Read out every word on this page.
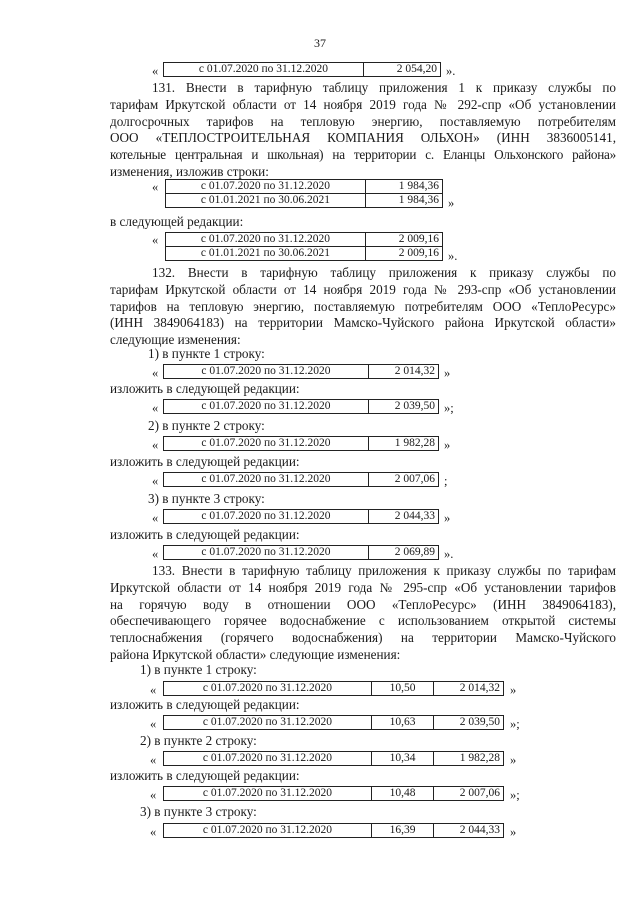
37
«	с 01.07.2020 по 31.12.2020	2 054,20 ».
131. Внести в тарифную таблицу приложения 1 к приказу службы по
тарифам Иркутской области от 14 ноября 2019 года № 292-спр «Об установлении
долгосрочных тарифов на тепловую энергию, поставляемую потребителям
ООО «ТЕПЛОСТРОИТЕЛЬНАЯ КОМПАНИЯ ОЛЬХОН» (ИНН 3836005141,
котельные центральная и школьная) на территории с. Еланцы Ольхонского района»
изменения, изложив строки:
«	с 01.07.2020 по 31.12.2020	1 984,36
с 01.01.2021 по 30.06.2021	1 984,36 »
в следующей редакции:
«	с 01.07.2020 по 31.12.2020	2 009,16
с 01.01.2021 по 30.06.2021	2 009,16 ».
132. Внести в тарифную таблицу приложения к приказу службы по
тарифам Иркутской области от 14 ноября 2019 года № 293-спр «Об установлении
тарифов на тепловую энергию, поставляемую потребителям ООО «ТеплоРесурс»
(ИНН 3849064183) на территории Мамско-Чуйского района Иркутской области»
следующие изменения:
1) в пункте 1 строку:
«	с 01.07.2020 по 31.12.2020	2 014,32 »
изложить в следующей редакции:
«	с 01.07.2020 по 31.12.2020	2 039,50 »;
2) в пункте 2 строку:
«	с 01.07.2020 по 31.12.2020	1 982,28 »
изложить в следующей редакции:
«	с 01.07.2020 по 31.12.2020	2 007,06 ;
3) в пункте 3 строку:
«	с 01.07.2020 по 31.12.2020	2 044,33 »
изложить в следующей редакции:
«	с 01.07.2020 по 31.12.2020	2 069,89 ».
133. Внести в тарифную таблицу приложения к приказу службы по тарифам
Иркутской области от 14 ноября 2019 года № 295-спр «Об установлении тарифов
на горячую воду в отношении ООО «ТеплоРесурс» (ИНН 3849064183),
обеспечивающего горячее водоснабжение с использованием открытой системы
теплоснабжения (горячего водоснабжения) на территории Мамско-Чуйского
района Иркутской области» следующие изменения:
1) в пункте 1 строку:
«	с 01.07.2020 по 31.12.2020	10,50	2 014,32 »
изложить в следующей редакции:
«	с 01.07.2020 по 31.12.2020	10,63	2 039,50 »;
2) в пункте 2 строку:
«	с 01.07.2020 по 31.12.2020	10,34	1 982,28 »
изложить в следующей редакции:
«	с 01.07.2020 по 31.12.2020	10,48	2 007,06 »;
3) в пункте 3 строку:
«	с 01.07.2020 по 31.12.2020	16,39	2 044,33 »
